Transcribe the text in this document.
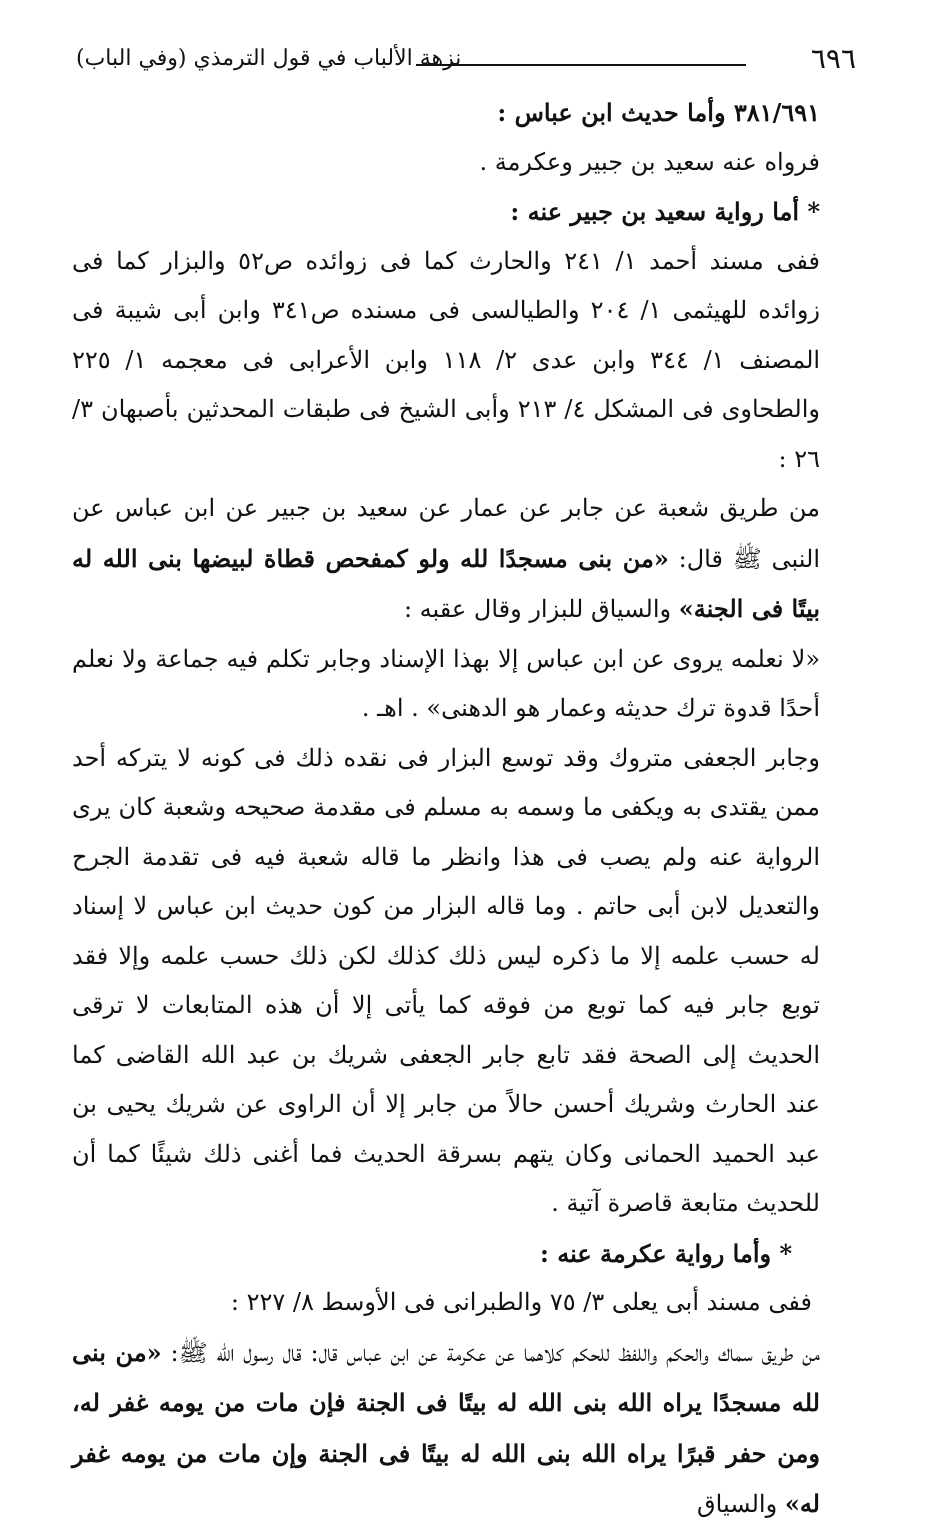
نزهة الألباب في قول الترمذي (وفي الباب)	٦٩٦

٣٨١/٦٩١ وأما حديث ابن عباس :

فرواه عنه سعيد بن جبير وعكرمة .

* أما رواية سعيد بن جبير عنه :

ففى مسند أحمد ١/ ٢٤١ والحارث كما فى زوائده ص٥٢ والبزار كما فى زوائده للهيثمى ١/ ٢٠٤ والطيالسى فى مسنده ص٣٤١ وابن أبى شيبة فى المصنف ١/ ٣٤٤ وابن عدى ٢/ ١١٨ وابن الأعرابى فى معجمه ١/ ٢٢٥ والطحاوى فى المشكل ٤/ ٢١٣ وأبى الشيخ فى طبقات المحدثين بأصبهان ٣/ ٢٦ :

من طريق شعبة عن جابر عن عمار عن سعيد بن جبير عن ابن عباس عن النبى ﷺ قال: «من بنى مسجدًا لله ولو كمفحص قطاة لبيضها بنى الله له بيتًا فى الجنة» والسياق للبزار وقال عقبه :

«لا نعلمه يروى عن ابن عباس إلا بهذا الإسناد وجابر تكلم فيه جماعة ولا نعلم أحدًا قدوة ترك حديثه وعمار هو الدهنى» . اهـ .

وجابر الجعفى متروك وقد توسع البزار فى نقده ذلك فى كونه لا يتركه أحد ممن يقتدى به ويكفى ما وسمه به مسلم فى مقدمة صحيحه وشعبة كان يرى الرواية عنه ولم يصب فى هذا وانظر ما قاله شعبة فيه فى تقدمة الجرح والتعديل لابن أبى حاتم . وما قاله البزار من كون حديث ابن عباس لا إسناد له حسب علمه إلا ما ذكره ليس ذلك كذلك لكن ذلك حسب علمه وإلا فقد توبع جابر فيه كما توبع من فوقه كما يأتى إلا أن هذه المتابعات لا ترقى الحديث إلى الصحة فقد تابع جابر الجعفى شريك بن عبد الله القاضى كما عند الحارث وشريك أحسن حالاً من جابر إلا أن الراوى عن شريك يحيى بن عبد الحميد الحمانى وكان يتهم بسرقة الحديث فما أغنى ذلك شيئًا كما أن للحديث متابعة قاصرة آتية .

* وأما رواية عكرمة عنه :

ففى مسند أبى يعلى ٣/ ٧٥ والطبرانى فى الأوسط ٨/ ٢٢٧ :

من طريق سماك والحكم واللفظ للحكم كلاهما عن عكرمة عن ابن عباس قال: قال رسول الله ﷺ: «من بنى لله مسجدًا يراه الله بنى الله له بيتًا فى الجنة فإن مات من يومه غفر له، ومن حفر قبرًا يراه الله بنى الله له بيتًا فى الجنة وإن مات من يومه غفر له» والسياق
